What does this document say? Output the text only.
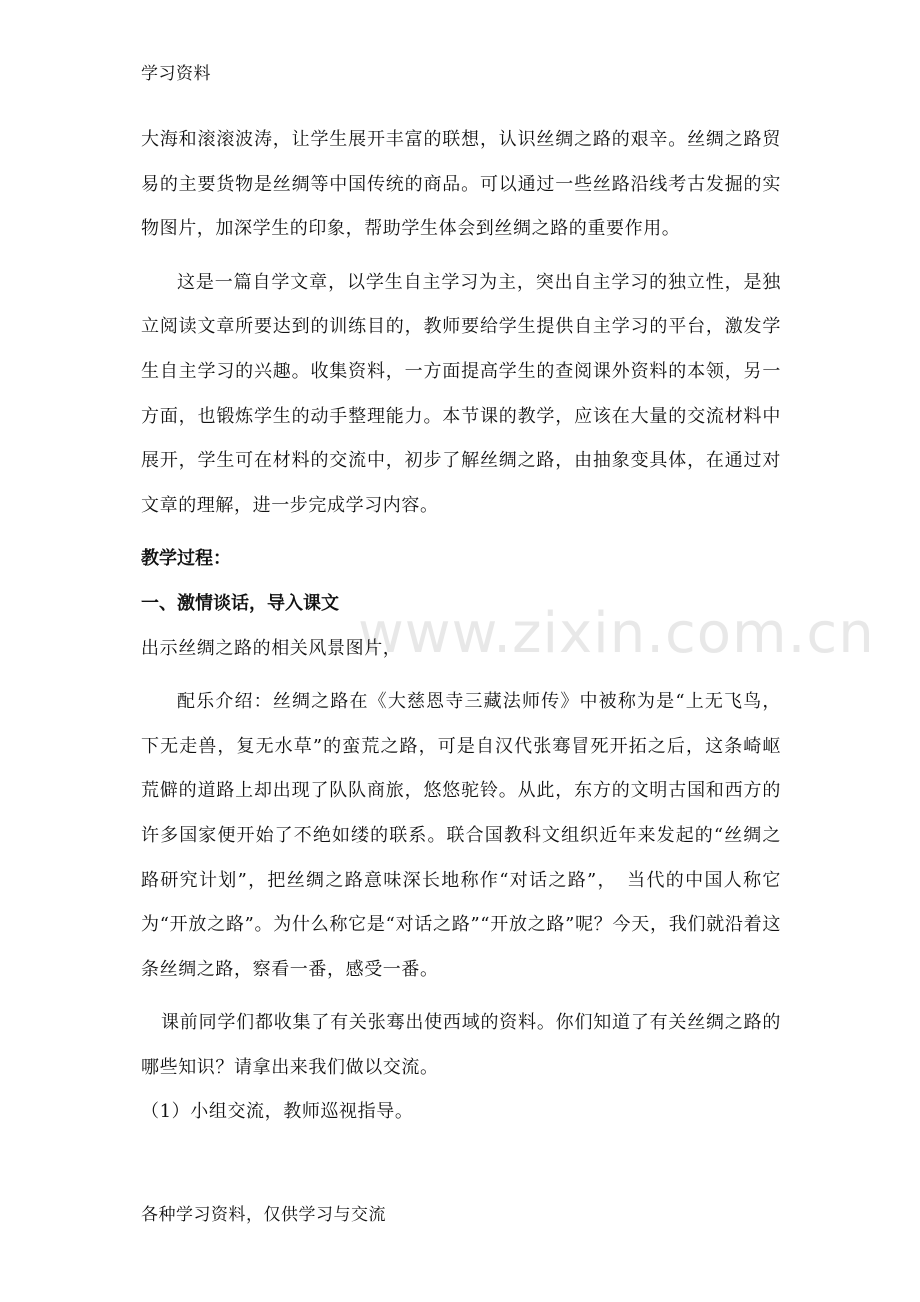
学习资料
www.zixin.com.cn

大海和滚滚波涛，让学生展开丰富的联想，认识丝绸之路的艰辛。丝绸之路贸易的主要货物是丝绸等中国传统的商品。可以通过一些丝路沿线考古发掘的实物图片，加深学生的印象，帮助学生体会到丝绸之路的重要作用。

这是一篇自学文章，以学生自主学习为主，突出自主学习的独立性，是独立阅读文章所要达到的训练目的，教师要给学生提供自主学习的平台，激发学生自主学习的兴趣。收集资料，一方面提高学生的查阅课外资料的本领，另一方面，也锻炼学生的动手整理能力。本节课的教学，应该在大量的交流材料中展开，学生可在材料的交流中，初步了解丝绸之路，由抽象变具体，在通过对文章的理解，进一步完成学习内容。

教学过程：

一、激情谈话，导入课文

出示丝绸之路的相关风景图片，

配乐介绍：丝绸之路在《大慈恩寺三藏法师传》中被称为是“上无飞鸟，下无走兽，复无水草”的蛮荒之路，可是自汉代张骞冒死开拓之后，这条崎岖荒僻的道路上却出现了队队商旅，悠悠驼铃。从此，东方的文明古国和西方的许多国家便开始了不绝如缕的联系。联合国教科文组织近年来发起的“丝绸之路研究计划”，把丝绸之路意味深长地称作“对话之路”，　当代的中国人称它为“开放之路”。为什么称它是“对话之路”“开放之路”呢？今天，我们就沿着这条丝绸之路，察看一番，感受一番。

课前同学们都收集了有关张骞出使西域的资料。你们知道了有关丝绸之路的哪些知识？请拿出来我们做以交流。

（1）小组交流，教师巡视指导。

各种学习资料，仅供学习与交流
